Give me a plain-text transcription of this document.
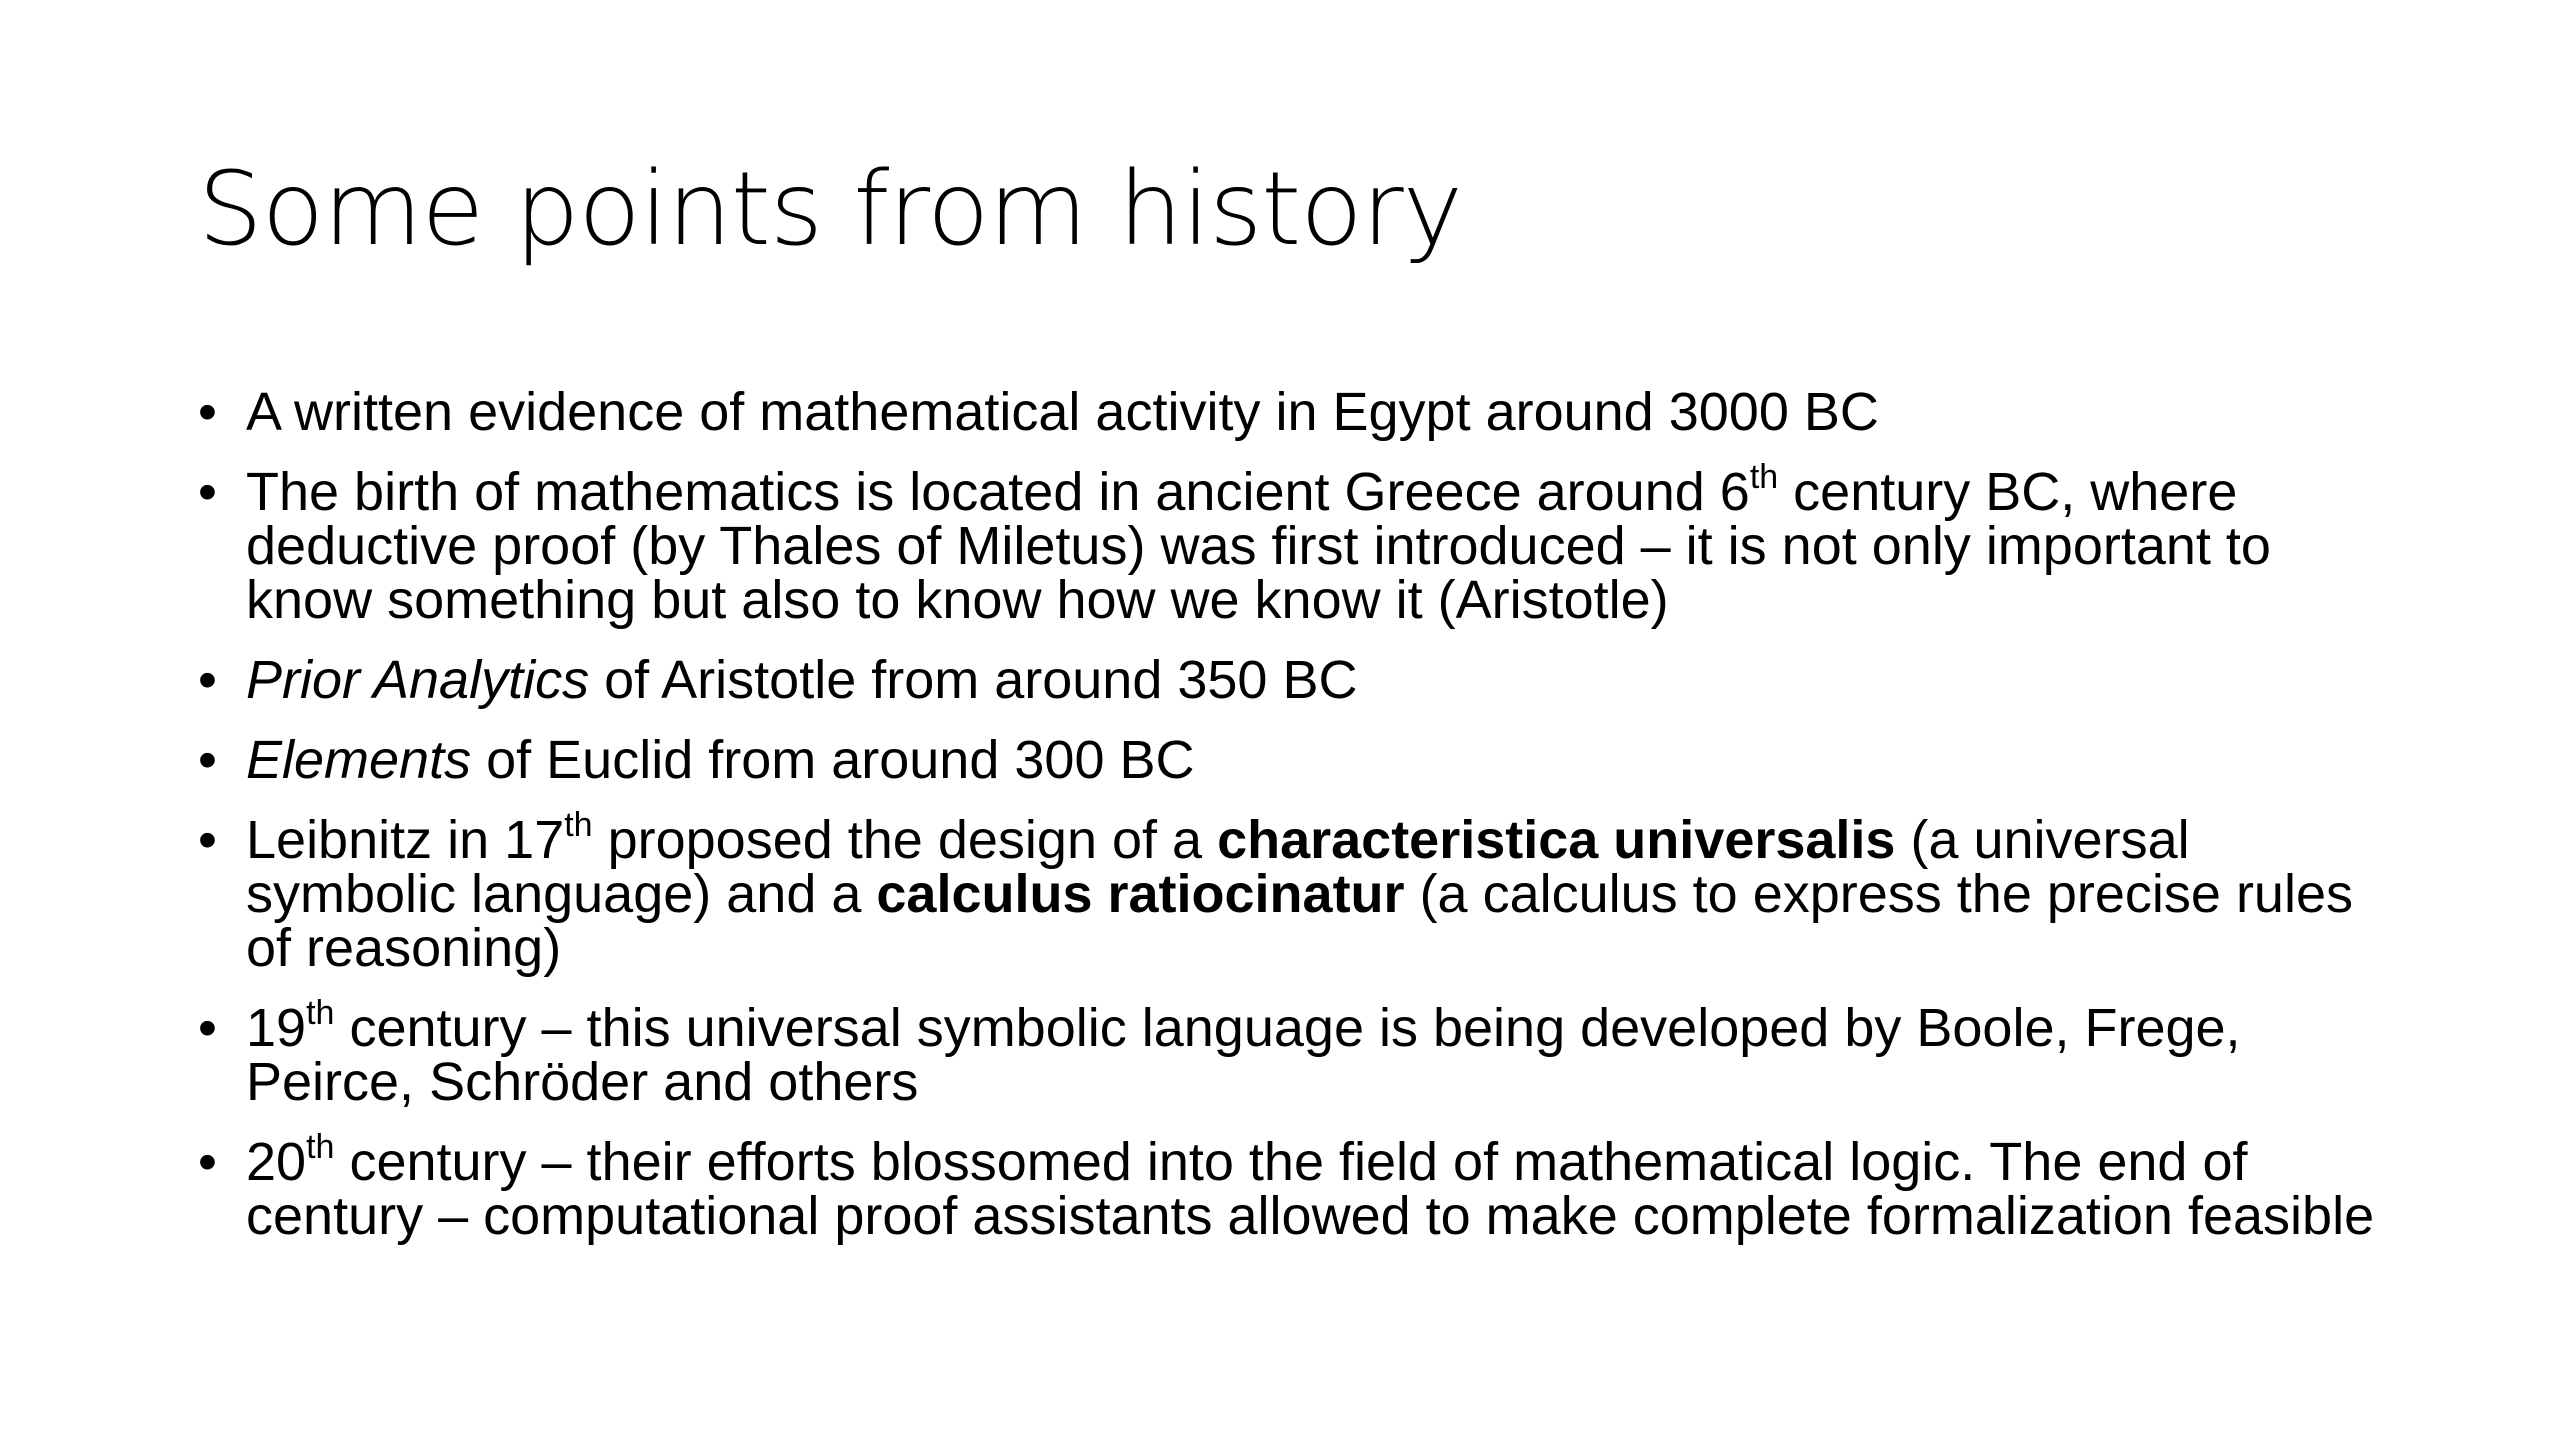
Some points from history
• A written evidence of mathematical activity in Egypt around 3000 BC
• The birth of mathematics is located in ancient Greece around 6th century BC, where deductive proof (by Thales of Miletus) was first introduced – it is not only important to know something but also to know how we know it (Aristotle)
• Prior Analytics of Aristotle from around 350 BC
• Elements of Euclid from around 300 BC
• Leibnitz in 17th proposed the design of a characteristica universalis (a universal symbolic language) and a calculus ratiocinatur (a calculus to express the precise rules of reasoning)
• 19th century – this universal symbolic language is being developed by Boole, Frege, Peirce, Schröder and others
• 20th century – their efforts blossomed into the field of mathematical logic. The end of century – computational proof assistants allowed to make complete formalization feasible
